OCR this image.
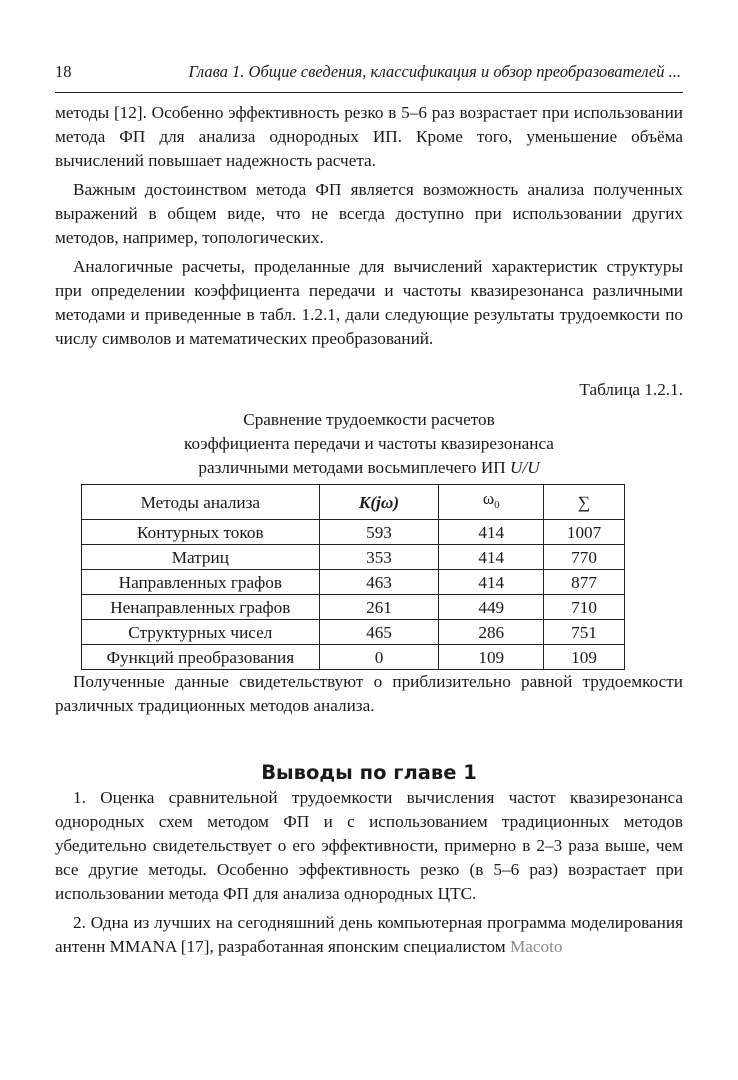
18	Глава 1. Общие сведения, классификация и обзор преобразователей ...

методы [12]. Особенно эффективность резко в 5–6 раз возрастает при использовании метода ФП для анализа однородных ИП. Кроме того, уменьшение объёма вычислений повышает надежность расчета.

Важным достоинством метода ФП является возможность анализа полученных выражений в общем виде, что не всегда доступно при использовании других методов, например, топологических.

Аналогичные расчеты, проделанные для вычислений характеристик структуры при определении коэффициента передачи и частоты квазирезонанса различными методами и приведенные в табл. 1.2.1, дали следующие результаты трудоемкости по числу символов и математических преобразований.

Таблица 1.2.1.
Сравнение трудоемкости расчетов
коэффициента передачи и частоты квазирезонанса
различными методами восьмиплечего ИП U/U
Методы анализа	K(jω)	$\omega_0$	∑
Контурных токов	593	414	1007
Матриц	353	414	770
Направленных графов	463	414	877
Ненаправленных графов	261	449	710
Структурных чисел	465	286	751
Функций преобразования	0	109	109

Полученные данные свидетельствуют о приблизительно равной трудоемкости различных традиционных методов анализа.

Выводы по главе 1

1. Оценка сравнительной трудоемкости вычисления частот квазирезонанса однородных схем методом ФП и с использованием традиционных методов убедительно свидетельствует о его эффективности, примерно в 2–3 раза выше, чем все другие методы. Особенно эффективность резко (в 5–6 раз) возрастает при использовании метода ФП для анализа однородных ЦТС.

2. Одна из лучших на сегодняшний день компьютерная программа моделирования антенн MMANA [17], разработанная японским специалистом Macoto
